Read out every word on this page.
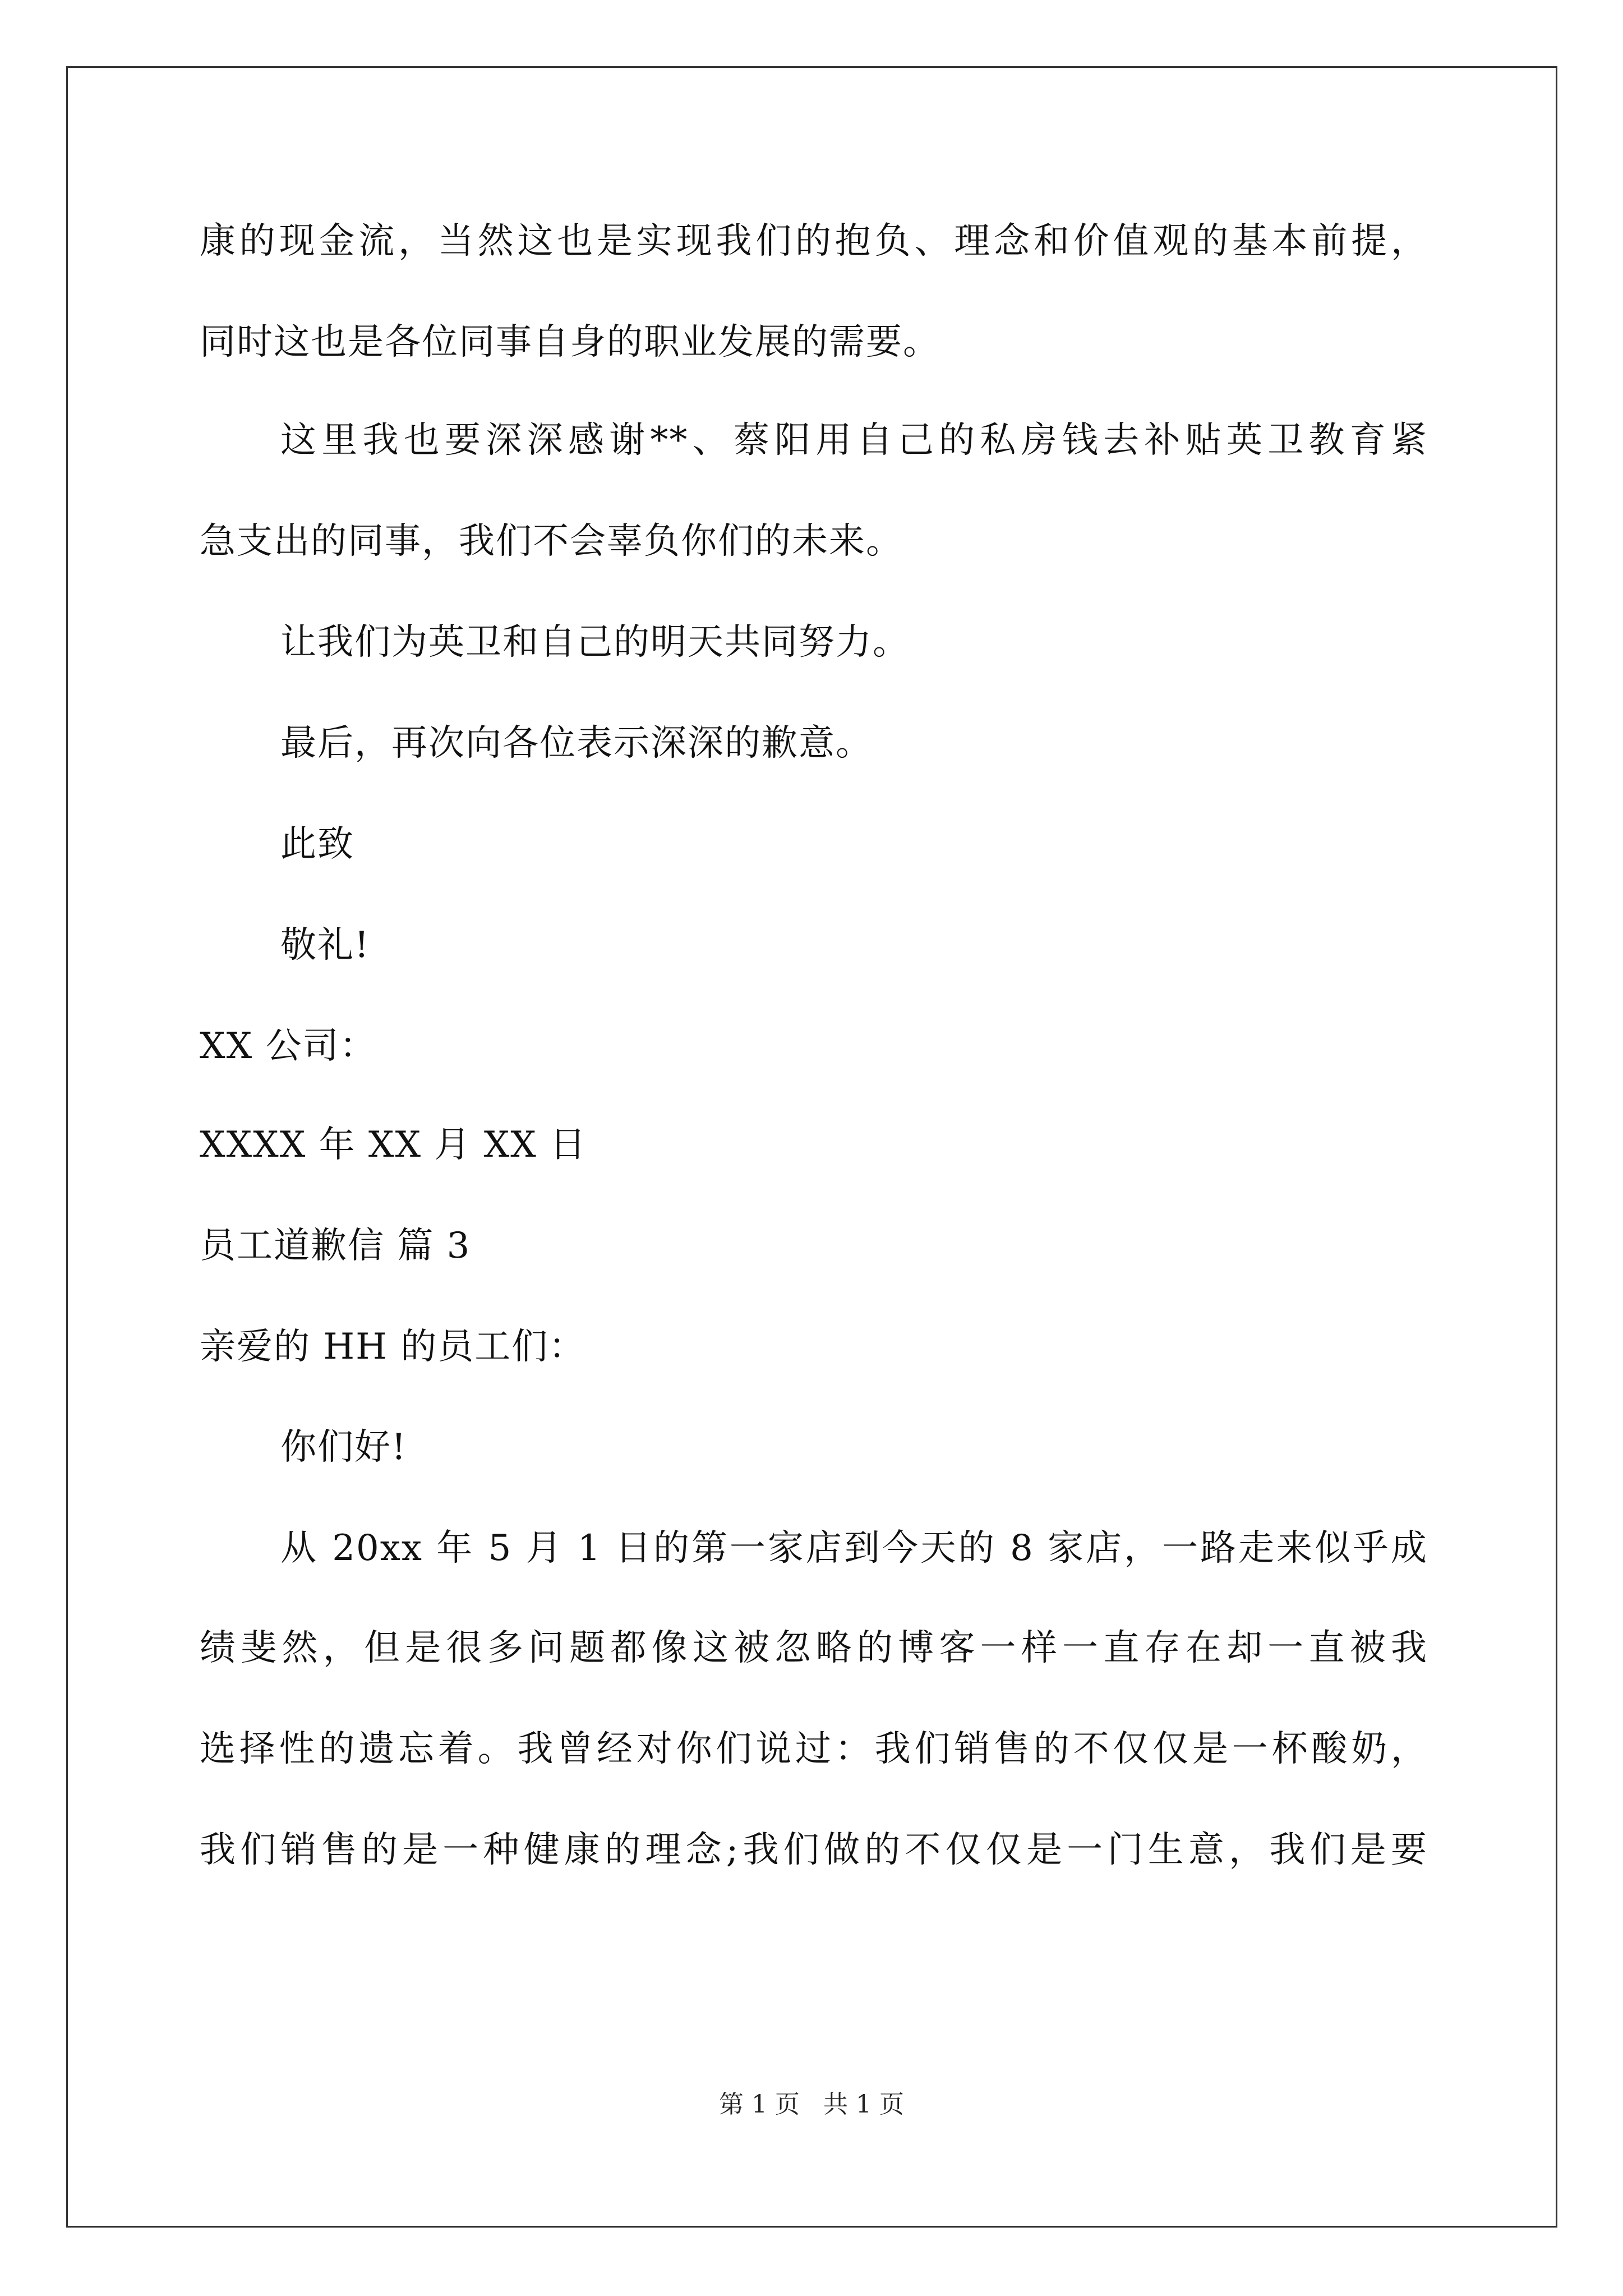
康的现金流，当然这也是实现我们的抱负、理念和价值观的基本前提，
同时这也是各位同事自身的职业发展的需要。
这里我也要深深感谢**、蔡阳用自己的私房钱去补贴英卫教育紧
急支出的同事，我们不会辜负你们的未来。
让我们为英卫和自己的明天共同努力。
最后，再次向各位表示深深的歉意。
此致
敬礼!
XX 公司：
XXXX 年 XX 月 XX 日
员工道歉信 篇 3
亲爱的 HH 的员工们：
你们好!
从 20xx 年 5 月 1 日的第一家店到今天的 8 家店，一路走来似乎成
绩斐然，但是很多问题都像这被忽略的博客一样一直存在却一直被我
选择性的遗忘着。我曾经对你们说过：我们销售的不仅仅是一杯酸奶，
我们销售的是一种健康的理念;我们做的不仅仅是一门生意，我们是要
第 1 页 共 1 页
